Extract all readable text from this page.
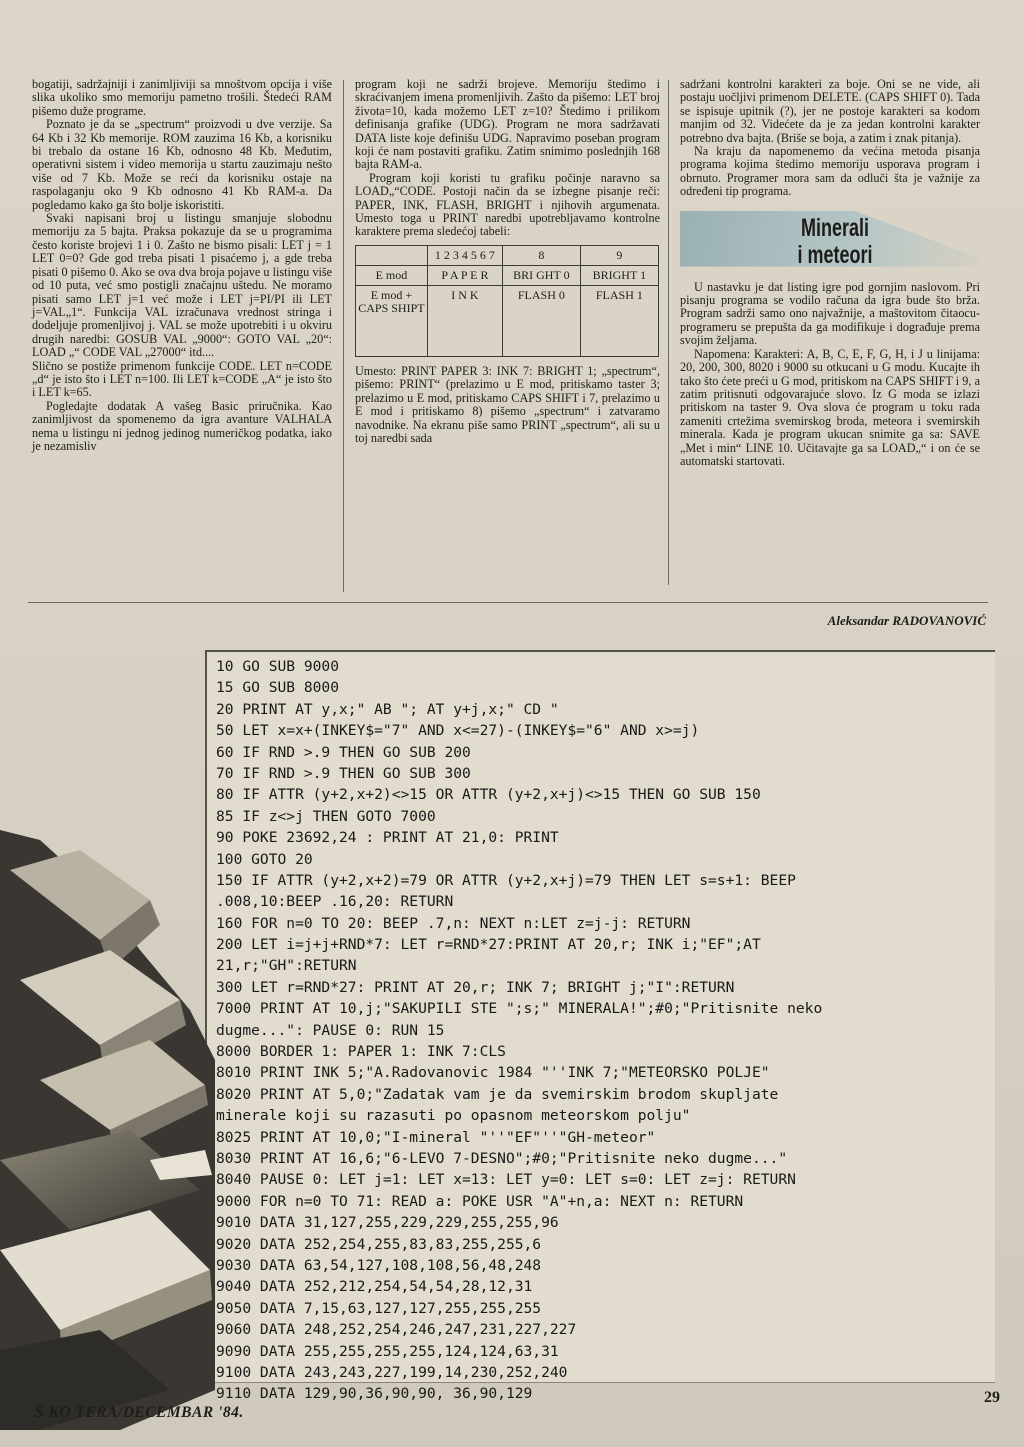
bogatiji, sadržajniji i zanimljiviji sa mnoštvom opcija i više slika ukoliko smo memoriju pametno trošili. Štedeći RAM pišemo duže programe.

Poznato je da se „spectrum“ proizvodi u dve verzije. Sa 64 Kb i 32 Kb memorije. ROM zauzima 16 Kb, a korisniku bi trebalo da ostane 16 Kb, odnosno 48 Kb. Međutim, operativni sistem i video memorija u startu zauzimaju nešto više od 7 Kb. Može se reći da korisniku ostaje na raspolaganju oko 9 Kb odnosno 41 Kb RAM-a. Da pogledamo kako ga što bolje iskoristiti.

Svaki napisani broj u listingu smanjuje slobodnu memoriju za 5 bajta. Praksa pokazuje da se u programima često koriste brojevi 1 i 0. Zašto ne bismo pisali: LET j = 1 LET 0=0? Gde god treba pisati 1 pisaćemo j, a gde treba pisati 0 pišemo 0. Ako se ova dva broja pojave u listingu više od 10 puta, već smo postigli značajnu uštedu. Ne moramo pisati samo LET j=1 već može i LET j=PI/PI ili LET j=VAL„1“. Funkcija VAL izračunava vrednost stringa i dodeljuje promenljivoj j. VAL se može upotrebiti i u okviru drugih naredbi: GOSUB VAL „9000“: GOTO VAL „20“: LOAD „“ CODE VAL „27000“ itd....

Slično se postiže primenom funkcije CODE. LET n=CODE „d“ je isto što i LET n=100. Ili LET k=CODE „A“ je isto što i LET k=65.

Pogledajte dodatak A vašeg Basic priručnika. Kao zanimljivost da spomenemo da igra avanture VALHALA nema u listingu ni jednog jedinog numeričkog podatka, iako je nezamisliv

program koji ne sadrži brojeve. Memoriju štedimo i skraćivanjem imena promenljivih. Zašto da pišemo: LET broj života=10, kada možemo LET z=10? Štedimo i prilikom definisanja grafike (UDG). Program ne mora sadržavati DATA liste koje definišu UDG. Napravimo poseban program koji će nam postaviti grafiku. Zatim snimimo poslednjih 168 bajta RAM-a.

Program koji koristi tu grafiku počinje naravno sa LOAD„“CODE. Postoji način da se izbegne pisanje reči: PAPER, INK, FLASH, BRIGHT i njihovih argumenata. Umesto toga u PRINT naredbi upotrebljavamo kontrolne karaktere prema sledećoj tabeli:

	1 2 3 4 5 6 7	8	9
E mod	P A P E R	BRI GHT 0	BRIGHT 1
E mod + CAPS SHIPT	I N K	FLASH 0	FLASH 1

Umesto: PRINT PAPER 3: INK 7: BRIGHT 1; „spectrum“, pišemo: PRINT“ (prelazimo u E mod, pritiskamo taster 3; prelazimo u E mod, pritiskamo CAPS SHIFT i 7, prelazimo u E mod i pritiskamo 8) pišemo „spectrum“ i zatvaramo navodnike. Na ekranu piše samo PRINT „spectrum“, ali su u toj naredbi sada

sadržani kontrolni karakteri za boje. Oni se ne vide, ali postaju uočljivi primenom DELETE. (CAPS SHIFT 0). Tada se ispisuje upitnik (?), jer ne postoje karakteri sa kodom manjim od 32. Videćete da je za jedan kontrolni karakter potrebno dva bajta. (Briše se boja, a zatim i znak pitanja).

Na kraju da napomenemo da većina metoda pisanja programa kojima štedimo memoriju usporava program i obrnuto. Programer mora sam da odluči šta je važnije za određeni tip programa.

Minerali
i meteori

U nastavku je dat listing igre pod gornjim naslovom. Pri pisanju programa se vodilo računa da igra bude što brža. Program sadrži samo ono najvažnije, a maštovitom čitaocu-programeru se prepušta da ga modifikuje i dograđuje prema svojim željama.

Napomena: Karakteri: A, B, C, E, F, G, H, i J u linijama: 20, 200, 300, 8020 i 9000 su otkucani u G modu. Kucajte ih tako što ćete preći u G mod, pritiskom na CAPS SHIFT i 9, a zatim pritisnuti odgovarajuće slovo. Iz G moda se izlazi pritiskom na taster 9. Ova slova će program u toku rada zameniti crtežima svemirskog broda, meteora i svemirskih minerala. Kada je program ukucan snimite ga sa: SAVE „Met i min“ LINE 10. Učitavajte ga sa LOAD„“ i on će se automatski startovati.

Aleksandar RADOVANOVIĆ
10 GO SUB 9000
15 GO SUB 8000
20 PRINT AT y,x;" AB "; AT y+j,x;" CD "
50 LET x=x+(INKEY$="7" AND x<=27)-(INKEY$="6" AND x>=j)
60 IF RND >.9 THEN GO SUB 200
70 IF RND >.9 THEN GO SUB 300
80 IF ATTR (y+2,x+2)<>15 OR ATTR (y+2,x+j)<>15 THEN GO SUB 150
85 IF z<>j THEN GOTO 7000
90 POKE 23692,24 : PRINT AT 21,0: PRINT
100 GOTO 20
150 IF ATTR (y+2,x+2)=79 OR ATTR (y+2,x+j)=79 THEN LET s=s+1: BEEP
.008,10:BEEP .16,20: RETURN
160 FOR n=0 TO 20: BEEP .7,n: NEXT n:LET z=j-j: RETURN
200 LET i=j+j+RND*7: LET r=RND*27:PRINT AT 20,r; INK i;"EF";AT
21,r;"GH":RETURN
300 LET r=RND*27: PRINT AT 20,r; INK 7; BRIGHT j;"I":RETURN
7000 PRINT AT 10,j;"SAKUPILI STE ";s;" MINERALA!";#0;"Pritisnite neko
dugme...": PAUSE 0: RUN 15
8000 BORDER 1: PAPER 1: INK 7:CLS
8010 PRINT INK 5;"A.Radovanovic 1984 "''INK 7;"METEORSKO POLJE"
8020 PRINT AT 5,0;"Zadatak vam je da svemirskim brodom skupljate
minerale koji su razasuti po opasnom meteorskom polju"
8025 PRINT AT 10,0;"I-mineral "''"EF"''"GH-meteor"
8030 PRINT AT 16,6;"6-LEVO 7-DESNO";#0;"Pritisnite neko dugme..."
8040 PAUSE 0: LET j=1: LET x=13: LET y=0: LET s=0: LET z=j: RETURN
9000 FOR n=0 TO 71: READ a: POKE USR "A"+n,a: NEXT n: RETURN
9010 DATA 31,127,255,229,229,255,255,96
9020 DATA 252,254,255,83,83,255,255,6
9030 DATA 63,54,127,108,108,56,48,248
9040 DATA 252,212,254,54,54,28,12,31
9050 DATA 7,15,63,127,127,255,255,255
9060 DATA 248,252,254,246,247,231,227,227
9090 DATA 255,255,255,255,124,124,63,31
9100 DATA 243,243,227,199,14,230,252,240
9110 DATA 129,90,36,90,90, 36,90,129
S KO TERA/DECEMBAR '84.
29
